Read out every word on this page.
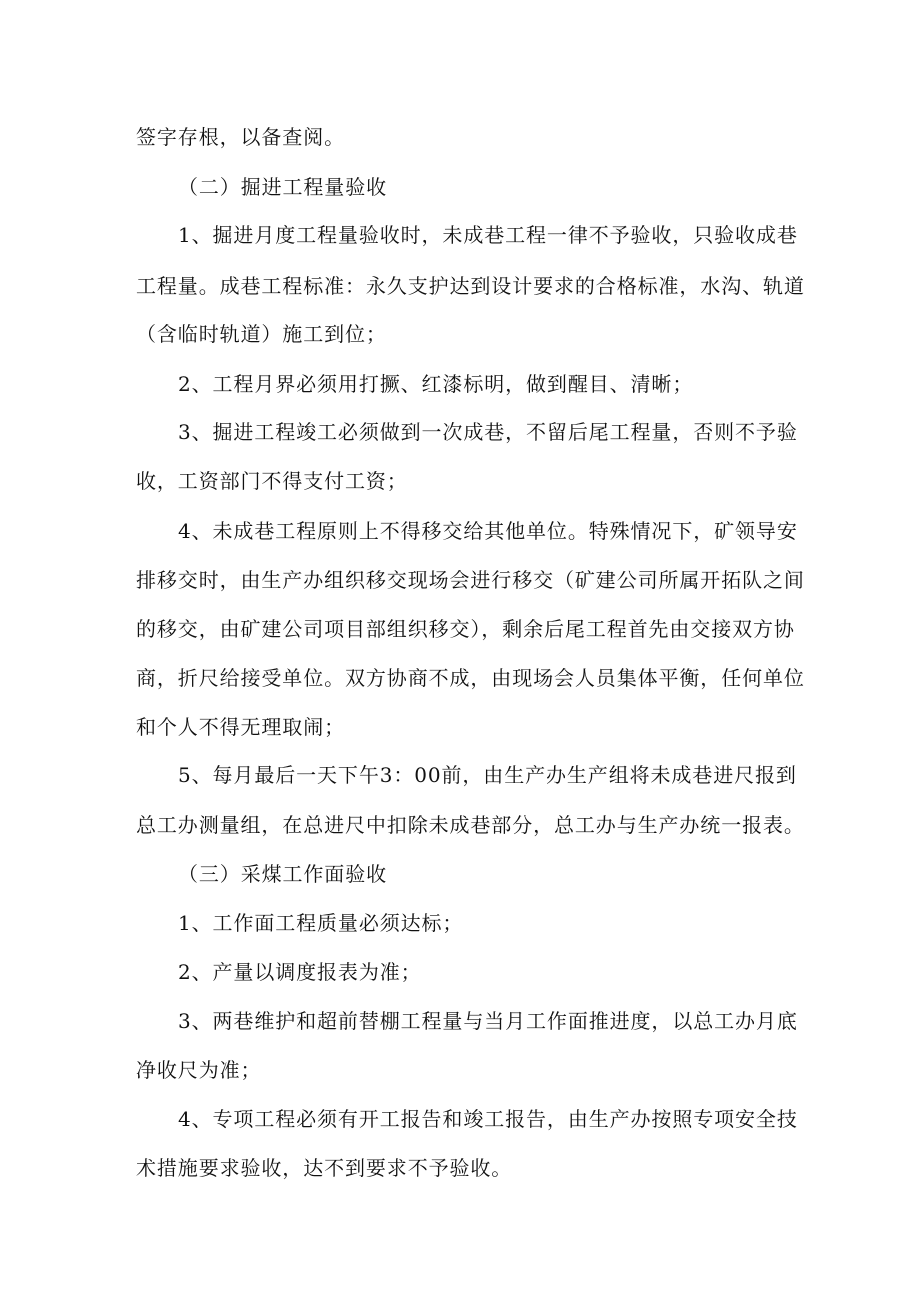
签字存根，以备查阅。
（二）掘进工程量验收
1、掘进月度工程量验收时，未成巷工程一律不予验收，只验收成巷
工程量。成巷工程标准：永久支护达到设计要求的合格标准，水沟、轨道
（含临时轨道）施工到位；
2、工程月界必须用打撅、红漆标明，做到醒目、清晰；
3、掘进工程竣工必须做到一次成巷，不留后尾工程量，否则不予验
收，工资部门不得支付工资；
4、未成巷工程原则上不得移交给其他单位。特殊情况下，矿领导安
排移交时，由生产办组织移交现场会进行移交（矿建公司所属开拓队之间
的移交，由矿建公司项目部组织移交），剩余后尾工程首先由交接双方协
商，折尺给接受单位。双方协商不成，由现场会人员集体平衡，任何单位
和个人不得无理取闹；
5、每月最后一天下午3：00前，由生产办生产组将未成巷进尺报到
总工办测量组，在总进尺中扣除未成巷部分，总工办与生产办统一报表。
（三）采煤工作面验收
1、工作面工程质量必须达标；
2、产量以调度报表为准；
3、两巷维护和超前替棚工程量与当月工作面推进度，以总工办月底
净收尺为准；
4、专项工程必须有开工报告和竣工报告，由生产办按照专项安全技
术措施要求验收，达不到要求不予验收。
